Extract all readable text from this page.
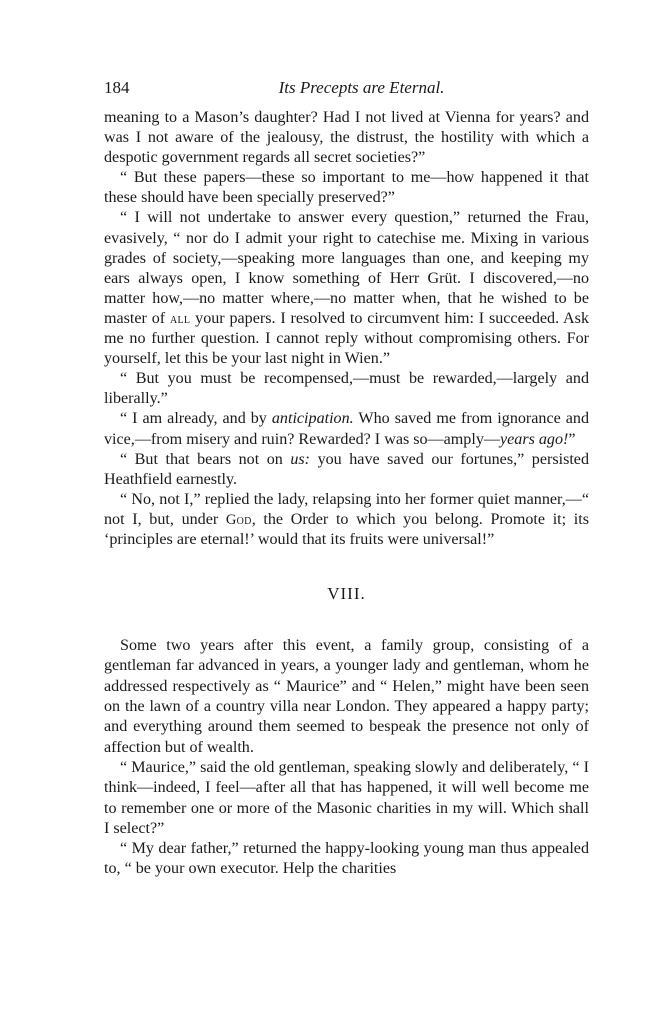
184	Its Precepts are Eternal.

meaning to a Mason’s daughter? Had I not lived at Vienna for years? and was I not aware of the jealousy, the distrust, the hostility with which a despotic government regards all secret societies?”

“ But these papers—these so important to me—how happened it that these should have been specially preserved?”

“ I will not undertake to answer every question,” returned the Frau, evasively, “ nor do I admit your right to catechise me. Mixing in various grades of society,—speaking more languages than one, and keeping my ears always open, I know something of Herr Grüt. I discovered,—no matter how,—no matter where,—no matter when, that he wished to be master of all your papers. I resolved to circumvent him: I succeeded. Ask me no further question. I cannot reply without compromising others. For yourself, let this be your last night in Wien.”

“ But you must be recompensed,—must be rewarded,—largely and liberally.”

“ I am already, and by anticipation. Who saved me from ignorance and vice,—from misery and ruin? Rewarded? I was so—amply—years ago!”

“ But that bears not on us: you have saved our fortunes,” persisted Heathfield earnestly.

“ No, not I,” replied the lady, relapsing into her former quiet manner,—“ not I, but, under God, the Order to which you belong. Promote it; its ‘principles are eternal!’ would that its fruits were universal!”

VIII.

Some two years after this event, a family group, consisting of a gentleman far advanced in years, a younger lady and gentleman, whom he addressed respectively as “ Maurice” and “ Helen,” might have been seen on the lawn of a country villa near London. They appeared a happy party; and everything around them seemed to bespeak the presence not only of affection but of wealth.

“ Maurice,” said the old gentleman, speaking slowly and deliberately, “ I think—indeed, I feel—after all that has happened, it will well become me to remember one or more of the Masonic charities in my will. Which shall I select?”

“ My dear father,” returned the happy-looking young man thus appealed to, “ be your own executor. Help the charities
